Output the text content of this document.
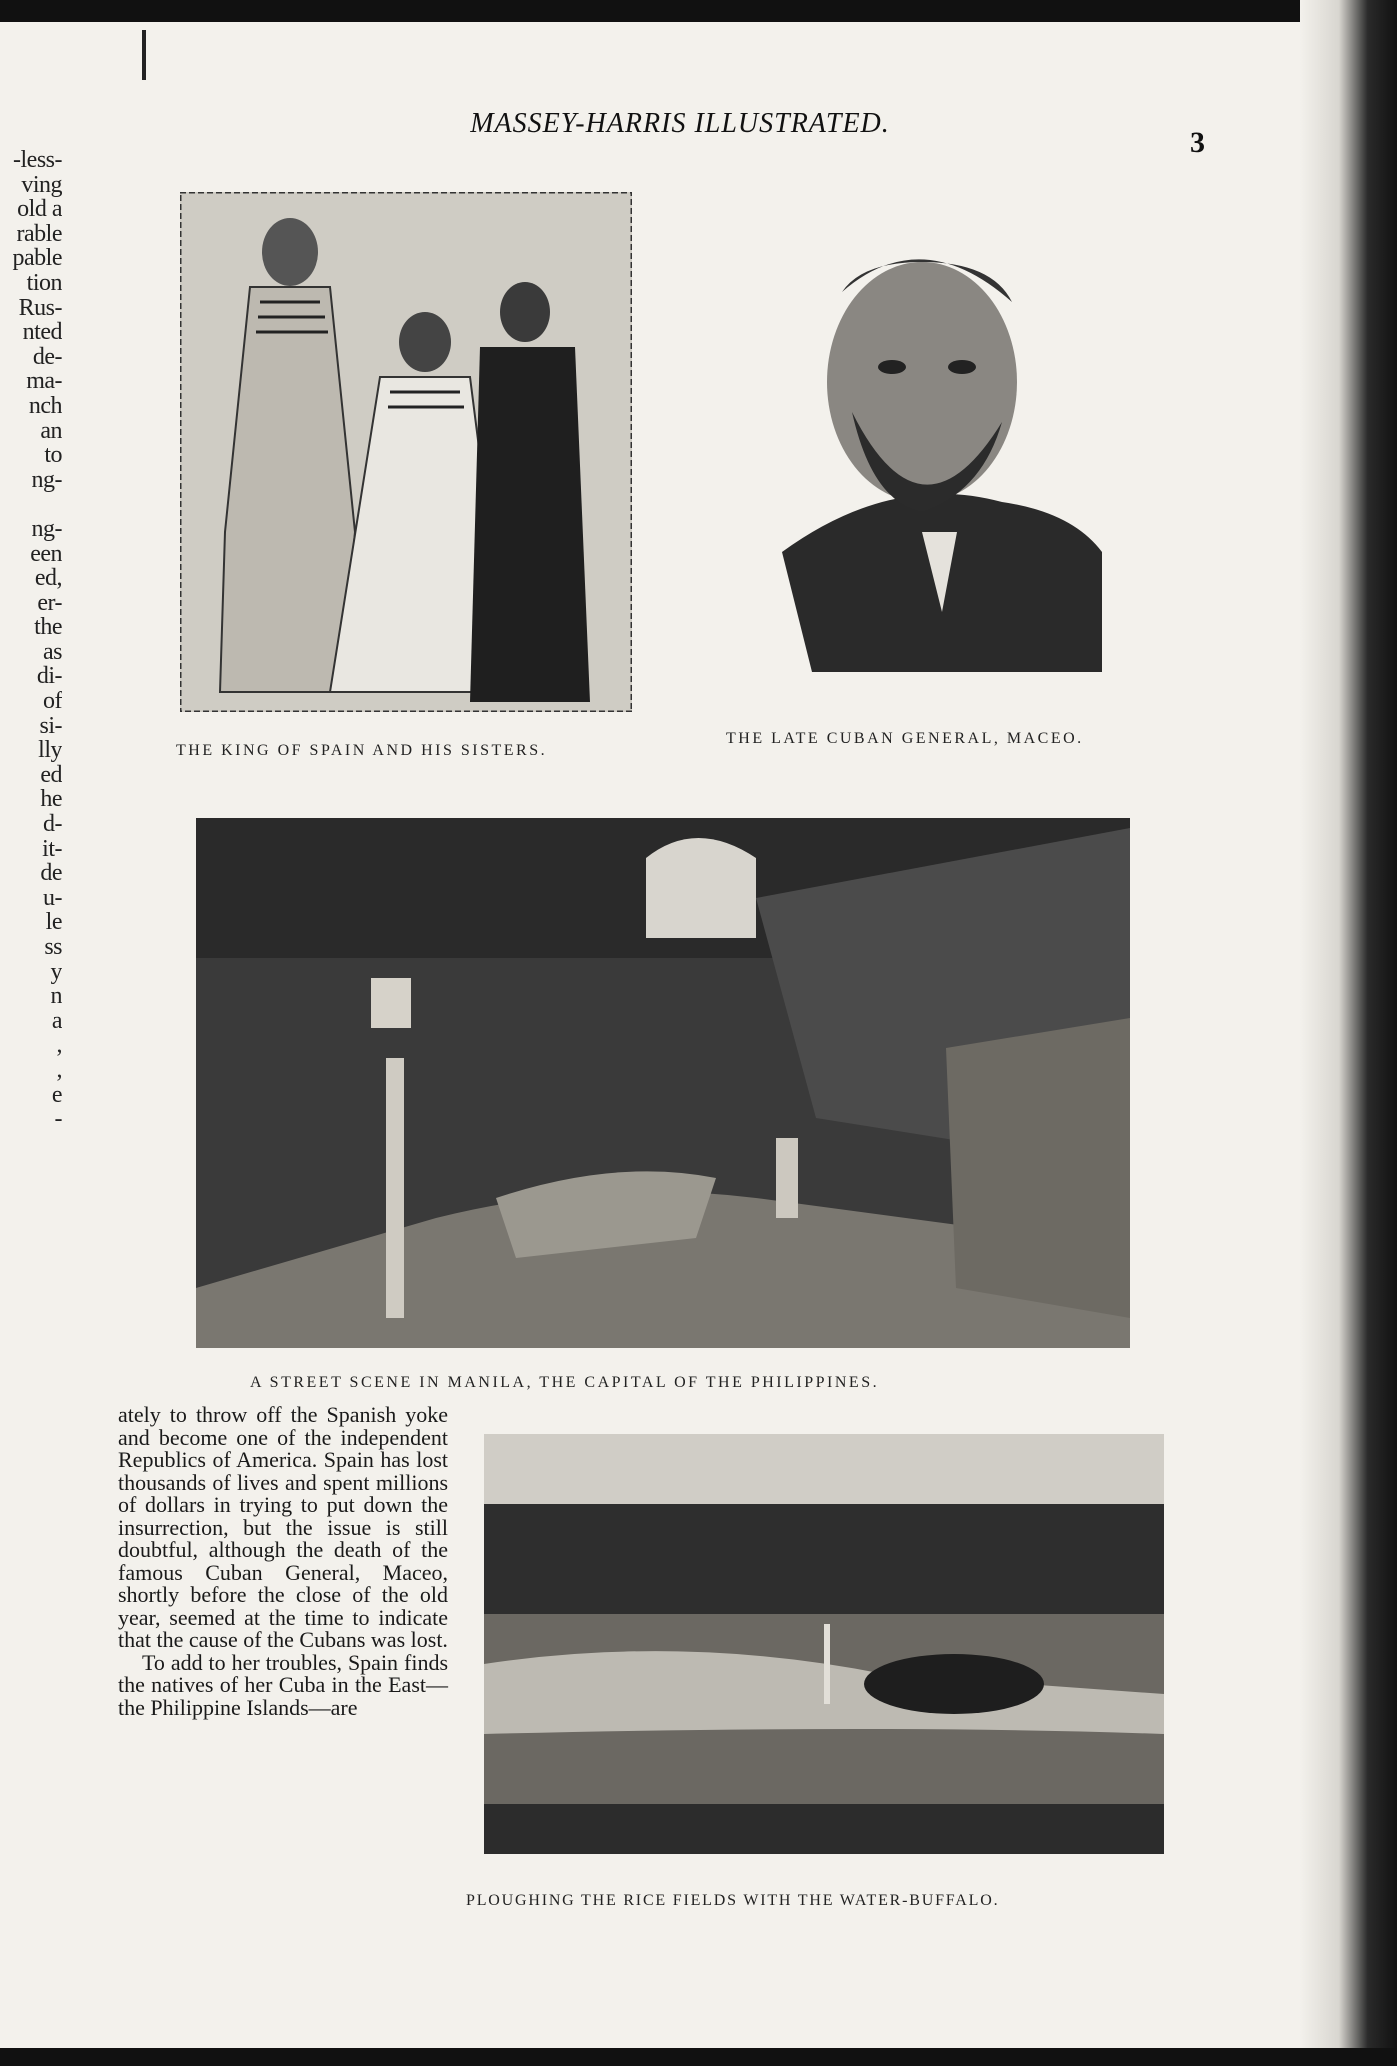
-less-
ving
old a
rable
pable
tion
Rus-
nted
de-
ma-
nch
an
to
ng-
ng-
een
ed,
er-
the
as
di-
of
si-
lly
ed
he
d-
it-
de
u-
le
ss
y
n
a
,
,
e
-
MASSEY-HARRIS ILLUSTRATED.
3
THE KING OF SPAIN AND HIS SISTERS.
THE LATE CUBAN GENERAL, MACEO.
A STREET SCENE IN MANILA, THE CAPITAL OF THE PHILIPPINES.

ately to throw off the Spanish yoke and become one of the independent Republics of America. Spain has lost thousands of lives and spent millions of dollars in trying to put down the insurrection, but the issue is still doubtful, although the death of the famous Cuban General, Maceo, shortly before the close of the old year, seemed at the time to indicate that the cause of the Cubans was lost.

To add to her troubles, Spain finds the natives of her Cuba in the East—the Philippine Islands—are

PLOUGHING THE RICE FIELDS WITH THE WATER-BUFFALO.
